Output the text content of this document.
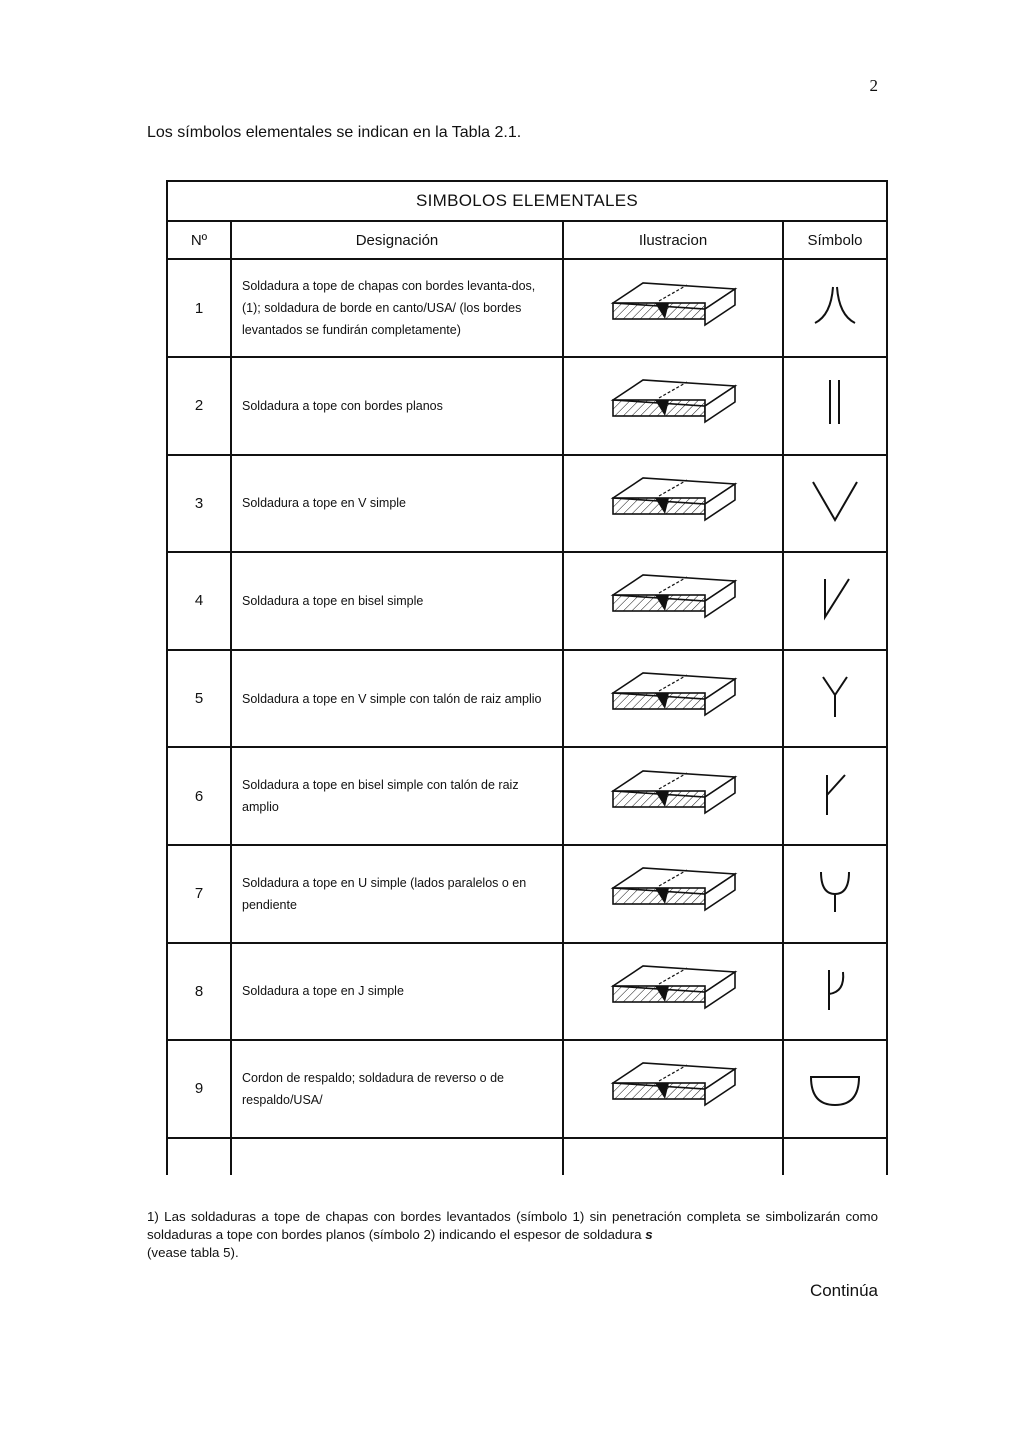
2
Los símbolos elementales se indican en la Tabla 2.1.
SIMBOLOS ELEMENTALES			
Nº	Designación	Ilustracion	Símbolo
1	Soldadura a tope de chapas con bordes levanta-dos,(1); soldadura de borde en canto/USA/ (los bordes levantados se fundirán completamente)		
2	Soldadura a tope con bordes planos		
3	Soldadura a tope en V simple		
4	Soldadura a tope en bisel simple		
5	Soldadura a tope en V simple con talón de raiz amplio		
6	Soldadura a tope en bisel simple con talón de raiz amplio		
7	Soldadura a tope en U simple (lados paralelos o en pendiente		
8	Soldadura a tope en J simple		
9	Cordon de respaldo; soldadura de reverso o de respaldo/USA/		

1) Las soldaduras a tope de chapas con bordes levantados (símbolo 1) sin penetración completa se simbolizarán como soldaduras a tope con bordes planos (símbolo 2) indicando el espesor de soldadura s
(vease tabla 5).

Continúa
